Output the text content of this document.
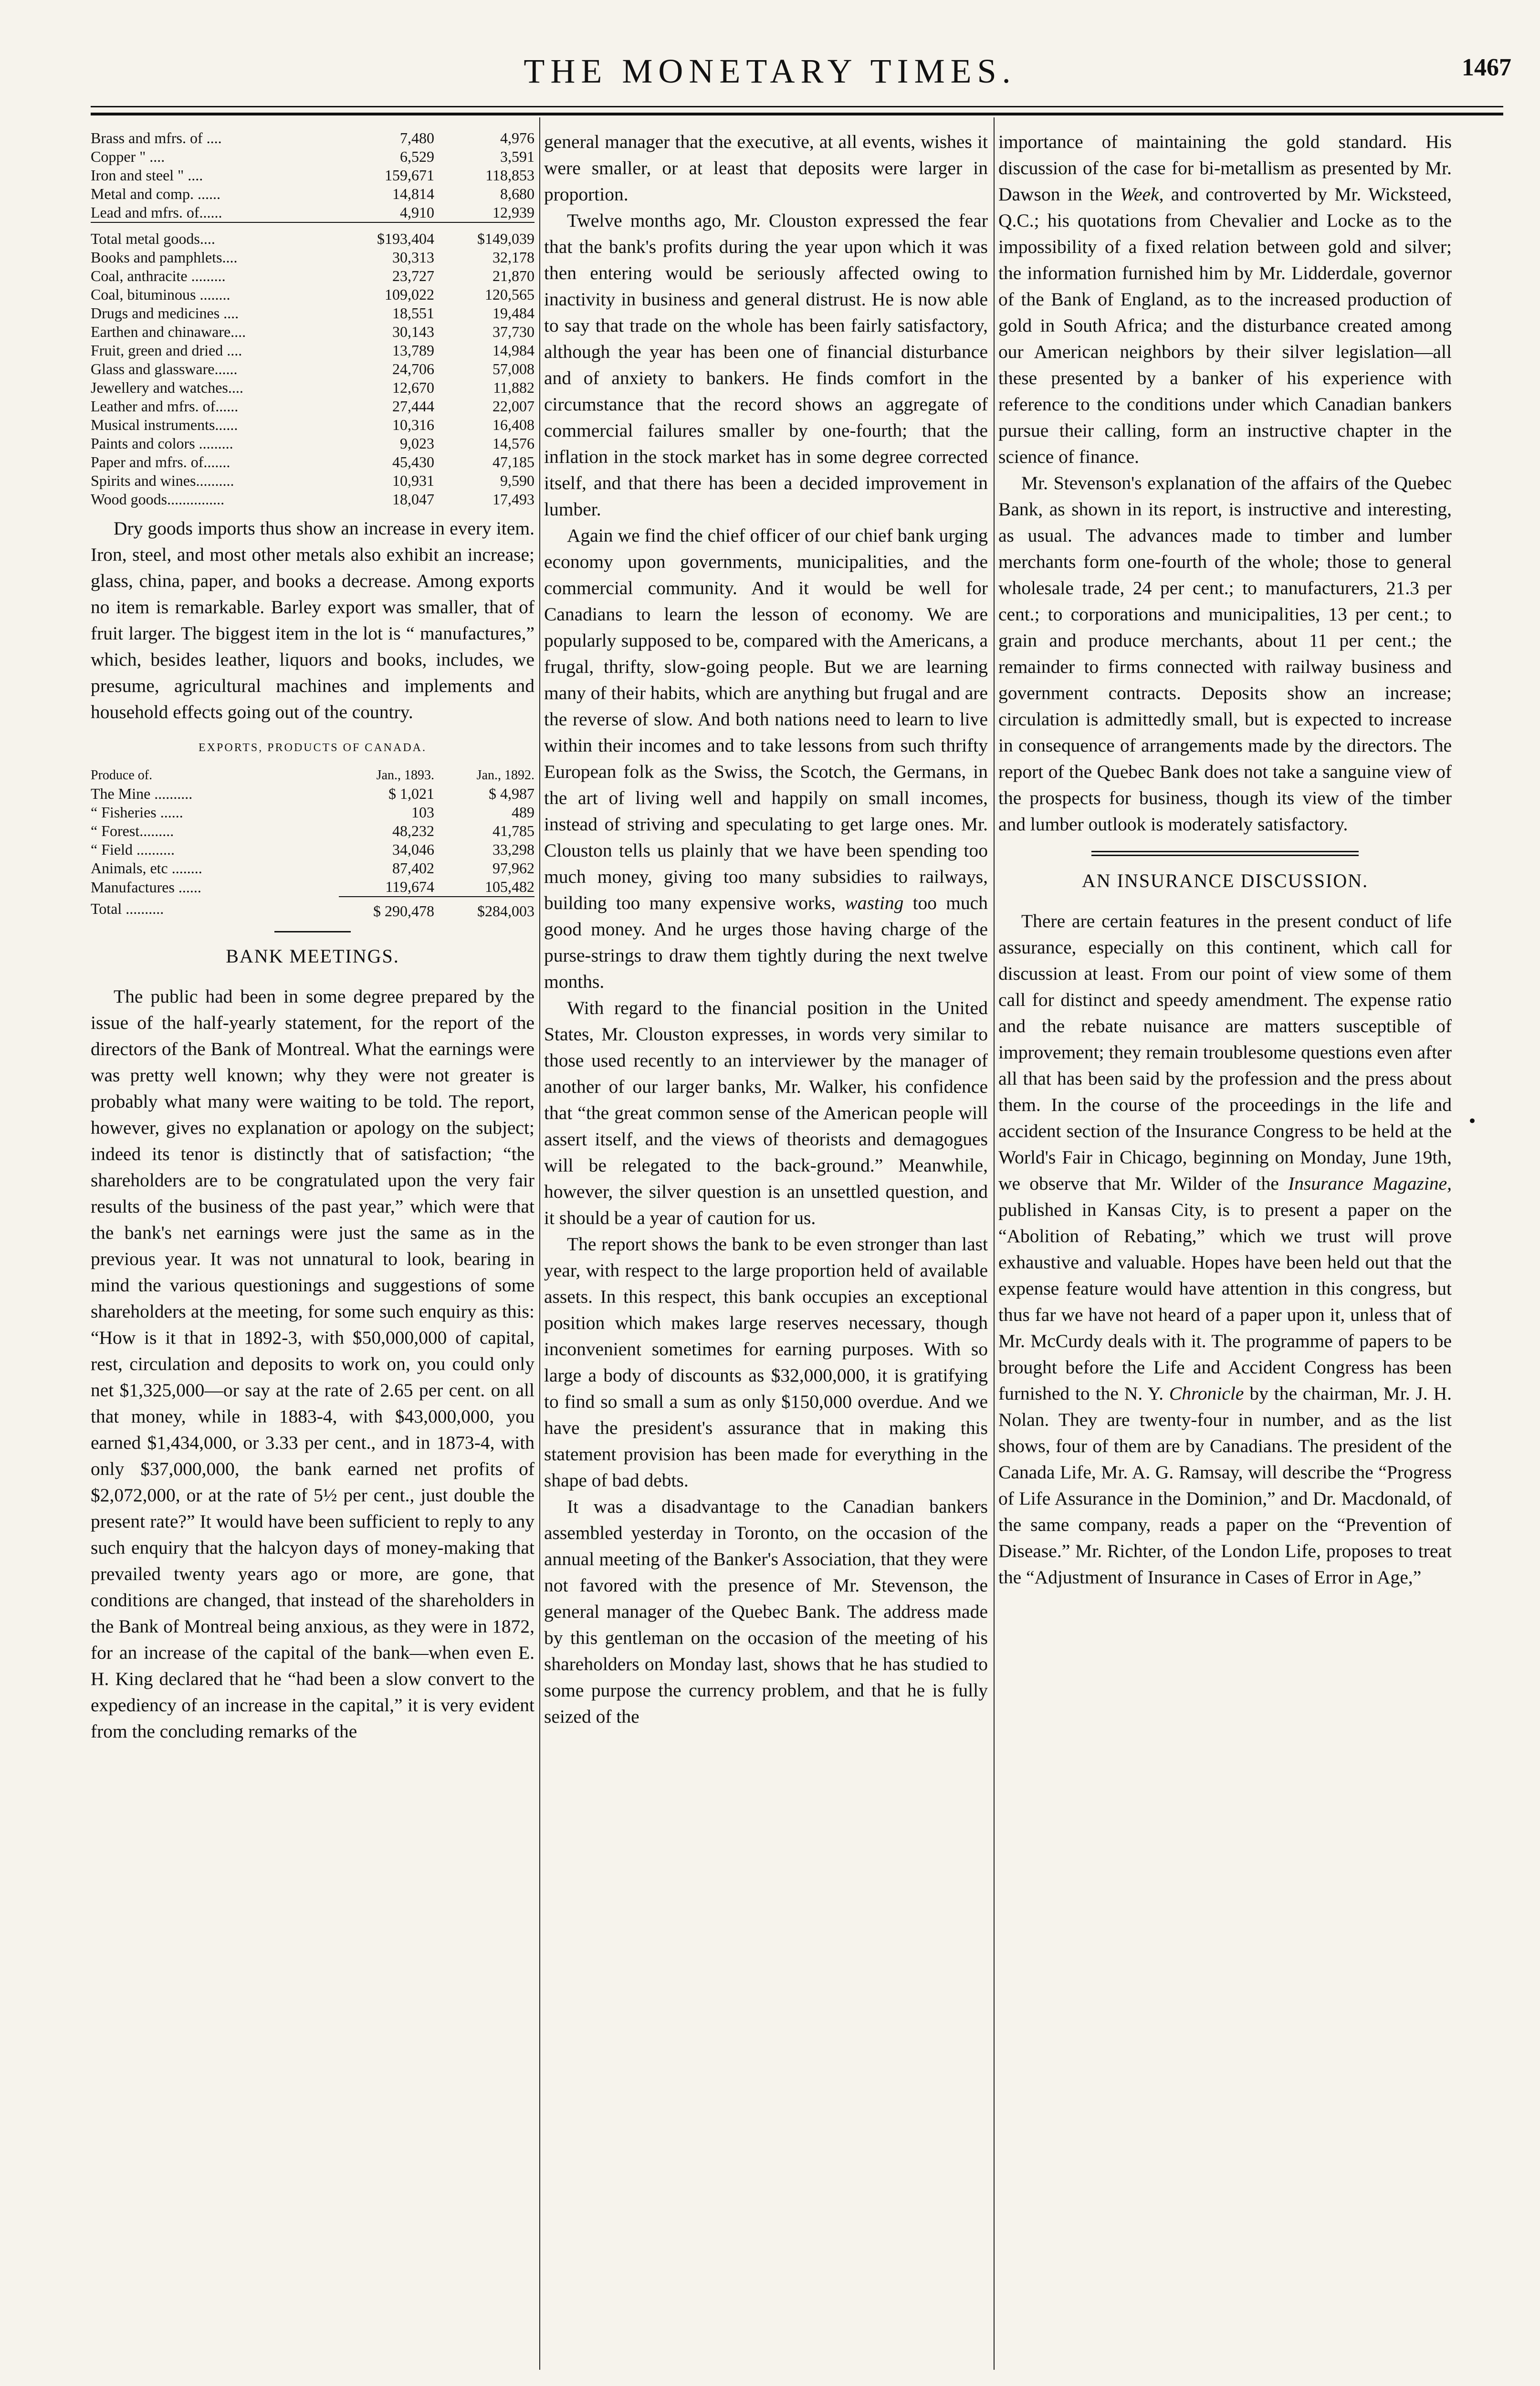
THE MONETARY TIMES.	1467
Brass and mfrs. of ....	7,480	4,976
Copper " ....	6,529	3,591
Iron and steel " ....	159,671	118,853
Metal and comp. ......	14,814	8,680
Lead and mfrs. of......	4,910	12,939
Total metal goods....	$193,404	$149,039
Books and pamphlets....	30,313	32,178
Coal, anthracite .........	23,727	21,870
Coal, bituminous ........	109,022	120,565
Drugs and medicines ....	18,551	19,484
Earthen and chinaware....	30,143	37,730
Fruit, green and dried ....	13,789	14,984
Glass and glassware......	24,706	57,008
Jewellery and watches....	12,670	11,882
Leather and mfrs. of......	27,444	22,007
Musical instruments......	10,316	16,408
Paints and colors .........	9,023	14,576
Paper and mfrs. of.......	45,430	47,185
Spirits and wines..........	10,931	9,590
Wood goods...............	18,047	17,493

Dry goods imports thus show an increase in every item. Iron, steel, and most other metals also exhibit an increase; glass, china, paper, and books a decrease. Among exports no item is remarkable. Barley export was smaller, that of fruit larger. The biggest item in the lot is “ manufactures,” which, besides leather, liquors and books, includes, we presume, agricultural machines and implements and household effects going out of the country.

EXPORTS, PRODUCTS OF CANADA.
Produce of.	Jan., 1893.	Jan., 1892.
The Mine ..........	$ 1,021	$ 4,987
“ Fisheries ......	103	489
“ Forest.........	48,232	41,785
“ Field ..........	34,046	33,298
Animals, etc ........	87,402	97,962
Manufactures ......	119,674	105,482
Total ..........	$ 290,478	$284,003
BANK MEETINGS.

The public had been in some degree prepared by the issue of the half-yearly statement, for the report of the directors of the Bank of Montreal. What the earnings were was pretty well known; why they were not greater is probably what many were waiting to be told. The report, however, gives no explanation or apology on the subject; indeed its tenor is distinctly that of satisfaction; “the shareholders are to be congratulated upon the very fair results of the business of the past year,” which were that the bank's net earnings were just the same as in the previous year. It was not unnatural to look, bearing in mind the various questionings and suggestions of some shareholders at the meeting, for some such enquiry as this: “How is it that in 1892-3, with $50,000,000 of capital, rest, circulation and deposits to work on, you could only net $1,325,000—or say at the rate of 2.65 per cent. on all that money, while in 1883-4, with $43,000,000, you earned $1,434,000, or 3.33 per cent., and in 1873-4, with only $37,000,000, the bank earned net profits of $2,072,000, or at the rate of 5½ per cent., just double the present rate?” It would have been sufficient to reply to any such enquiry that the halcyon days of money-making that prevailed twenty years ago or more, are gone, that conditions are changed, that instead of the shareholders in the Bank of Montreal being anxious, as they were in 1872, for an increase of the capital of the bank—when even E. H. King declared that he “had been a slow convert to the expediency of an increase in the capital,” it is very evident from the concluding remarks of the

general manager that the executive, at all events, wishes it were smaller, or at least that deposits were larger in proportion.

Twelve months ago, Mr. Clouston expressed the fear that the bank's profits during the year upon which it was then entering would be seriously affected owing to inactivity in business and general distrust. He is now able to say that trade on the whole has been fairly satisfactory, although the year has been one of financial disturbance and of anxiety to bankers. He finds comfort in the circumstance that the record shows an aggregate of commercial failures smaller by one-fourth; that the inflation in the stock market has in some degree corrected itself, and that there has been a decided improvement in lumber.

Again we find the chief officer of our chief bank urging economy upon governments, municipalities, and the commercial community. And it would be well for Canadians to learn the lesson of economy. We are popularly supposed to be, compared with the Americans, a frugal, thrifty, slow-going people. But we are learning many of their habits, which are anything but frugal and are the reverse of slow. And both nations need to learn to live within their incomes and to take lessons from such thrifty European folk as the Swiss, the Scotch, the Germans, in the art of living well and happily on small incomes, instead of striving and speculating to get large ones. Mr. Clouston tells us plainly that we have been spending too much money, giving too many subsidies to railways, building too many expensive works, wasting too much good money. And he urges those having charge of the purse-strings to draw them tightly during the next twelve months.

With regard to the financial position in the United States, Mr. Clouston expresses, in words very similar to those used recently to an interviewer by the manager of another of our larger banks, Mr. Walker, his confidence that “the great common sense of the American people will assert itself, and the views of theorists and demagogues will be relegated to the back-ground.” Meanwhile, however, the silver question is an unsettled question, and it should be a year of caution for us.

The report shows the bank to be even stronger than last year, with respect to the large proportion held of available assets. In this respect, this bank occupies an exceptional position which makes large reserves necessary, though inconvenient sometimes for earning purposes. With so large a body of discounts as $32,000,000, it is gratifying to find so small a sum as only $150,000 overdue. And we have the president's assurance that in making this statement provision has been made for everything in the shape of bad debts.

It was a disadvantage to the Canadian bankers assembled yesterday in Toronto, on the occasion of the annual meeting of the Banker's Association, that they were not favored with the presence of Mr. Stevenson, the general manager of the Quebec Bank. The address made by this gentleman on the occasion of the meeting of his shareholders on Monday last, shows that he has studied to some purpose the currency problem, and that he is fully seized of the

importance of maintaining the gold standard. His discussion of the case for bi-metallism as presented by Mr. Dawson in the Week, and controverted by Mr. Wicksteed, Q.C.; his quotations from Chevalier and Locke as to the impossibility of a fixed relation between gold and silver; the information furnished him by Mr. Lidderdale, governor of the Bank of England, as to the increased production of gold in South Africa; and the disturbance created among our American neighbors by their silver legislation—all these presented by a banker of his experience with reference to the conditions under which Canadian bankers pursue their calling, form an instructive chapter in the science of finance.

Mr. Stevenson's explanation of the affairs of the Quebec Bank, as shown in its report, is instructive and interesting, as usual. The advances made to timber and lumber merchants form one-fourth of the whole; those to general wholesale trade, 24 per cent.; to manufacturers, 21.3 per cent.; to corporations and municipalities, 13 per cent.; to grain and produce merchants, about 11 per cent.; the remainder to firms connected with railway business and government contracts. Deposits show an increase; circulation is admittedly small, but is expected to increase in consequence of arrangements made by the directors. The report of the Quebec Bank does not take a sanguine view of the prospects for business, though its view of the timber and lumber outlook is moderately satisfactory.

AN INSURANCE DISCUSSION.

There are certain features in the present conduct of life assurance, especially on this continent, which call for discussion at least. From our point of view some of them call for distinct and speedy amendment. The expense ratio and the rebate nuisance are matters susceptible of improvement; they remain troublesome questions even after all that has been said by the profession and the press about them. In the course of the proceedings in the life and accident section of the Insurance Congress to be held at the World's Fair in Chicago, beginning on Monday, June 19th, we observe that Mr. Wilder of the Insurance Magazine, published in Kansas City, is to present a paper on the “Abolition of Rebating,” which we trust will prove exhaustive and valuable. Hopes have been held out that the expense feature would have attention in this congress, but thus far we have not heard of a paper upon it, unless that of Mr. McCurdy deals with it. The programme of papers to be brought before the Life and Accident Congress has been furnished to the N. Y. Chronicle by the chairman, Mr. J. H. Nolan. They are twenty-four in number, and as the list shows, four of them are by Canadians. The president of the Canada Life, Mr. A. G. Ramsay, will describe the “Progress of Life Assurance in the Dominion,” and Dr. Macdonald, of the same company, reads a paper on the “Prevention of Disease.” Mr. Richter, of the London Life, proposes to treat the “Adjustment of Insurance in Cases of Error in Age,”

•
